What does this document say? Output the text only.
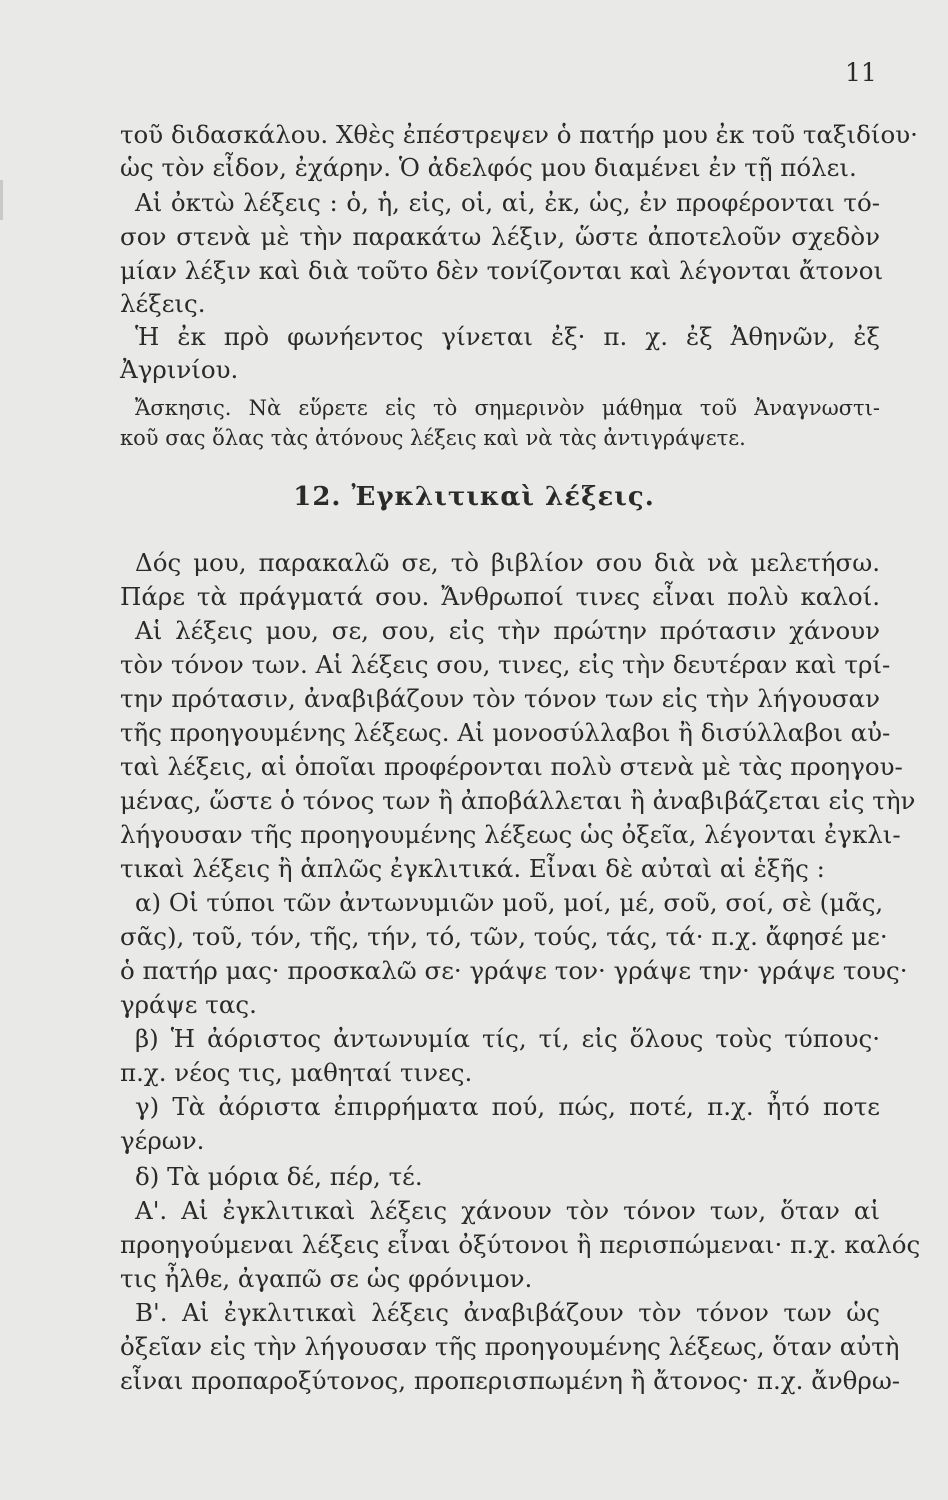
11
τοῦ διδασκάλου. Χθὲς ἐπέστρεψεν ὁ πατήρ μου ἐκ τοῦ ταξιδίου·
ὡς τὸν εἶδον, ἐχάρην. Ὁ ἀδελφός μου διαμένει ἐν τῇ πόλει.
Αἱ ὀκτὼ λέξεις : ὁ, ἡ, εἰς, οἱ, αἱ, ἐκ, ὡς, ἐν προφέρονται τό-
σον στενὰ μὲ τὴν παρακάτω λέξιν, ὥστε ἀποτελοῦν σχεδὸν
μίαν λέξιν καὶ διὰ τοῦτο δὲν τονίζονται καὶ λέγονται ἄτονοι
λέξεις.
Ἡ ἐκ πρὸ φωνήεντος γίνεται ἐξ· π. χ. ἐξ Ἀθηνῶν, ἐξ
Ἀγρινίου.
Ἄσκησις. Νὰ εὕρετε εἰς τὸ σημερινὸν μάθημα τοῦ Ἀναγνωστι-
κοῦ σας ὅλας τὰς ἀτόνους λέξεις καὶ νὰ τὰς ἀντιγράψετε.
12. Ἐγκλιτικαὶ λέξεις.
Δός μου, παρακαλῶ σε, τὸ βιβλίον σου διὰ νὰ μελετήσω.
Πάρε τὰ πράγματά σου. Ἄνθρωποί τινες εἶναι πολὺ καλοί.
Αἱ λέξεις μου, σε, σου, εἰς τὴν πρώτην πρότασιν χάνουν
τὸν τόνον των. Αἱ λέξεις σου, τινες, εἰς τὴν δευτέραν καὶ τρί-
την πρότασιν, ἀναβιβάζουν τὸν τόνον των εἰς τὴν λήγουσαν
τῆς προηγουμένης λέξεως. Αἱ μονοσύλλαβοι ἢ δισύλλαβοι αὐ-
ταὶ λέξεις, αἱ ὁποῖαι προφέρονται πολὺ στενὰ μὲ τὰς προηγου-
μένας, ὥστε ὁ τόνος των ἢ ἀποβάλλεται ἢ ἀναβιβάζεται εἰς τὴν
λήγουσαν τῆς προηγουμένης λέξεως ὡς ὀξεῖα, λέγονται ἐγκλι-
τικαὶ λέξεις ἢ ἁπλῶς ἐγκλιτικά. Εἶναι δὲ αὐταὶ αἱ ἑξῆς :
α) Οἱ τύποι τῶν ἀντωνυμιῶν μοῦ, μοί, μέ, σοῦ, σοί, σὲ (μᾶς,
σᾶς), τοῦ, τόν, τῆς, τήν, τό, τῶν, τούς, τάς, τά· π.χ. ἄφησέ με·
ὁ πατήρ μας· προσκαλῶ σε· γράψε τον· γράψε την· γράψε τους·
γράψε τας.
β) Ἡ ἀόριστος ἀντωνυμία τίς, τί, εἰς ὅλους τοὺς τύπους·
π.χ. νέος τις, μαθηταί τινες.
γ) Τὰ ἀόριστα ἐπιρρήματα πού, πώς, ποτέ, π.χ. ἦτό ποτε
γέρων.
δ) Τὰ μόρια δέ, πέρ, τέ.
Α'. Αἱ ἐγκλιτικαὶ λέξεις χάνουν τὸν τόνον των, ὅταν αἱ
προηγούμεναι λέξεις εἶναι ὀξύτονοι ἢ περισπώμεναι· π.χ. καλός
τις ἦλθε, ἀγαπῶ σε ὡς φρόνιμον.
Β'. Αἱ ἐγκλιτικαὶ λέξεις ἀναβιβάζουν τὸν τόνον των ὡς
ὀξεῖαν εἰς τὴν λήγουσαν τῆς προηγουμένης λέξεως, ὅταν αὐτὴ
εἶναι προπαροξύτονος, προπερισπωμένη ἢ ἄτονος· π.χ. ἄνθρω-
